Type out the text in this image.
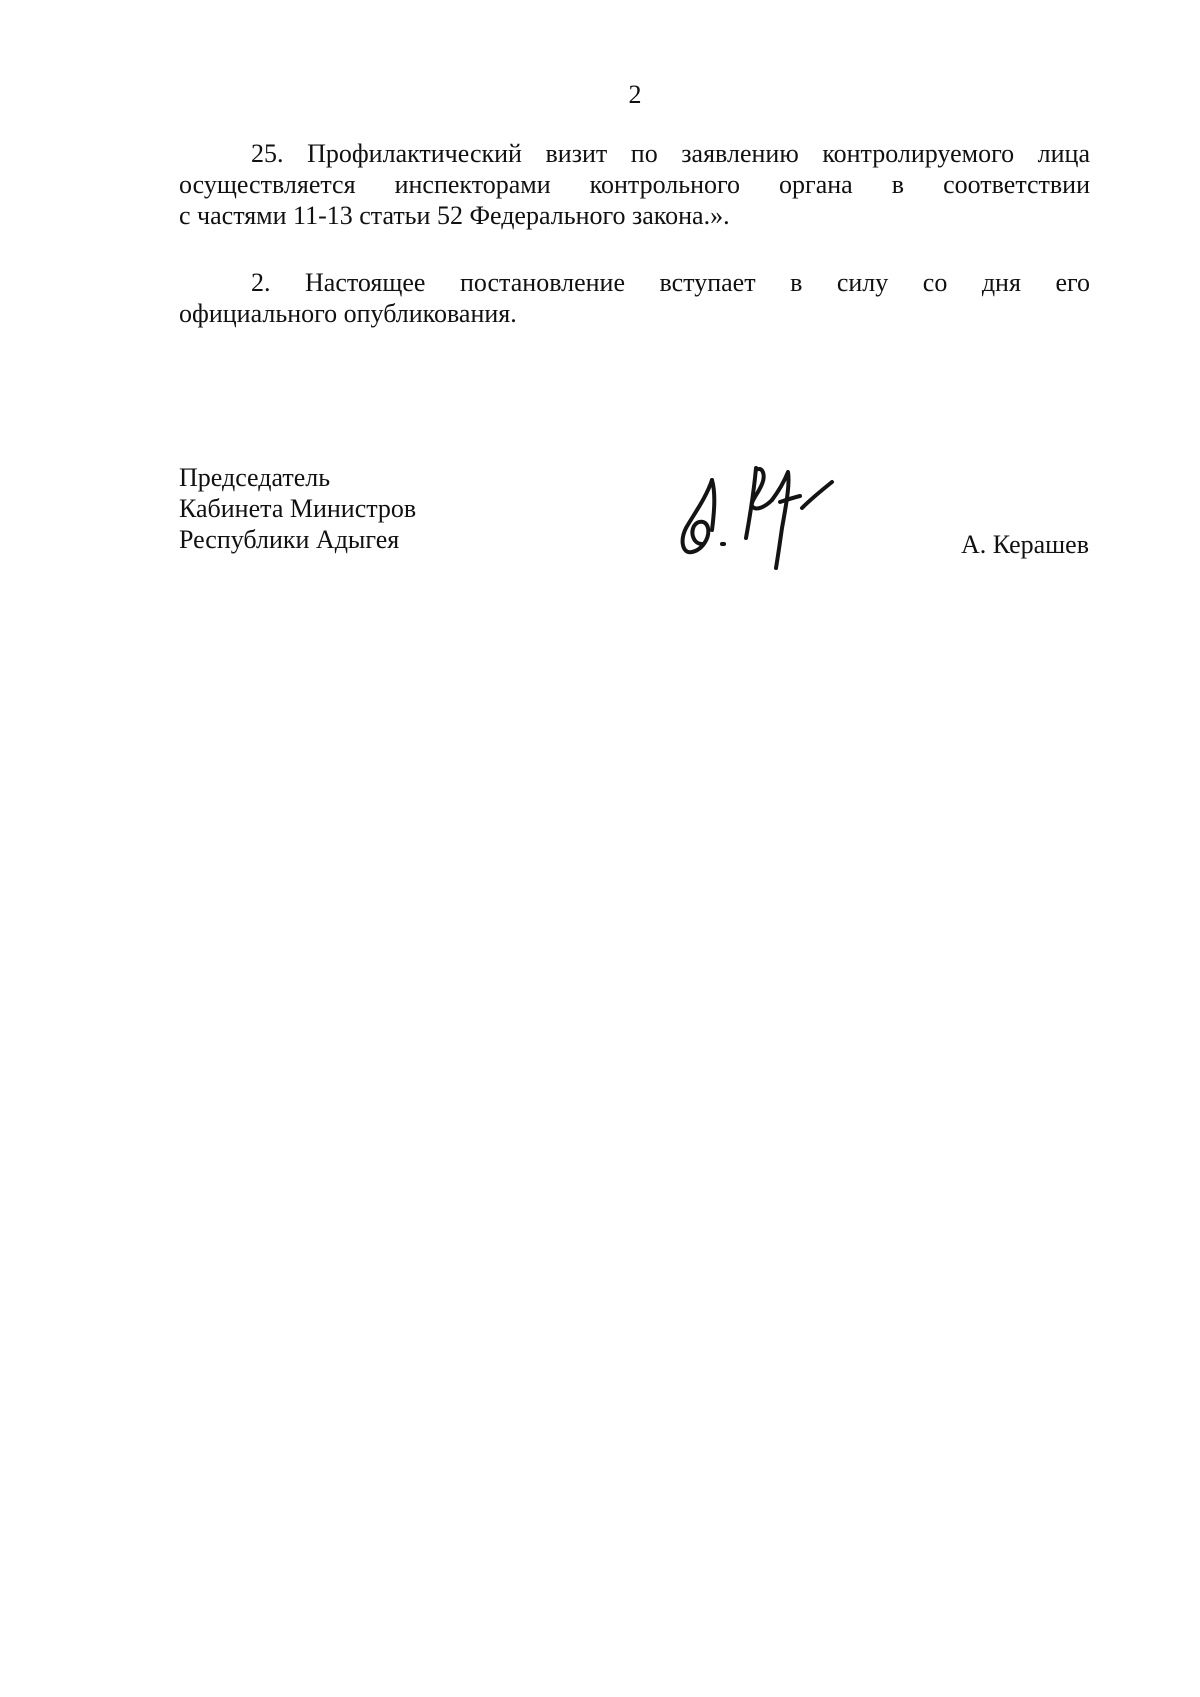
2
25. Профилактический визит по заявлению контролируемого лица
осуществляется инспекторами контрольного органа в соответствии
с частями 11-13 статьи 52 Федерального закона.».
2. Настоящее постановление вступает в силу со дня его
официального опубликования.
Председатель
Кабинета Министров
Республики Адыгея	А. Керашев
